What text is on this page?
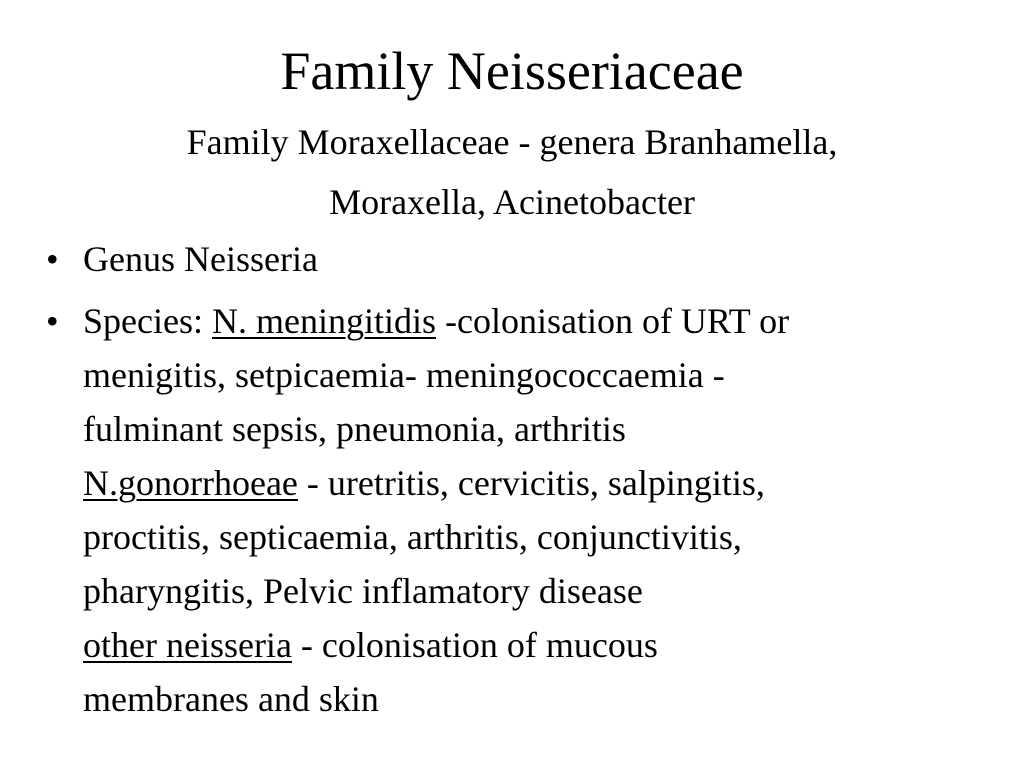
Family Neisseriaceae
Family Moraxellaceae - genera Branhamella,
Moraxella, Acinetobacter
• Genus Neisseria
• Species: N. meningitidis -colonisation of URT or
menigitis, setpicaemia- meningococcaemia -
fulminant sepsis, pneumonia, arthritis
N.gonorrhoeae - uretritis, cervicitis, salpingitis,
proctitis, septicaemia, arthritis, conjunctivitis,
pharyngitis, Pelvic inflamatory disease
other neisseria - colonisation of mucous
membranes and skin
